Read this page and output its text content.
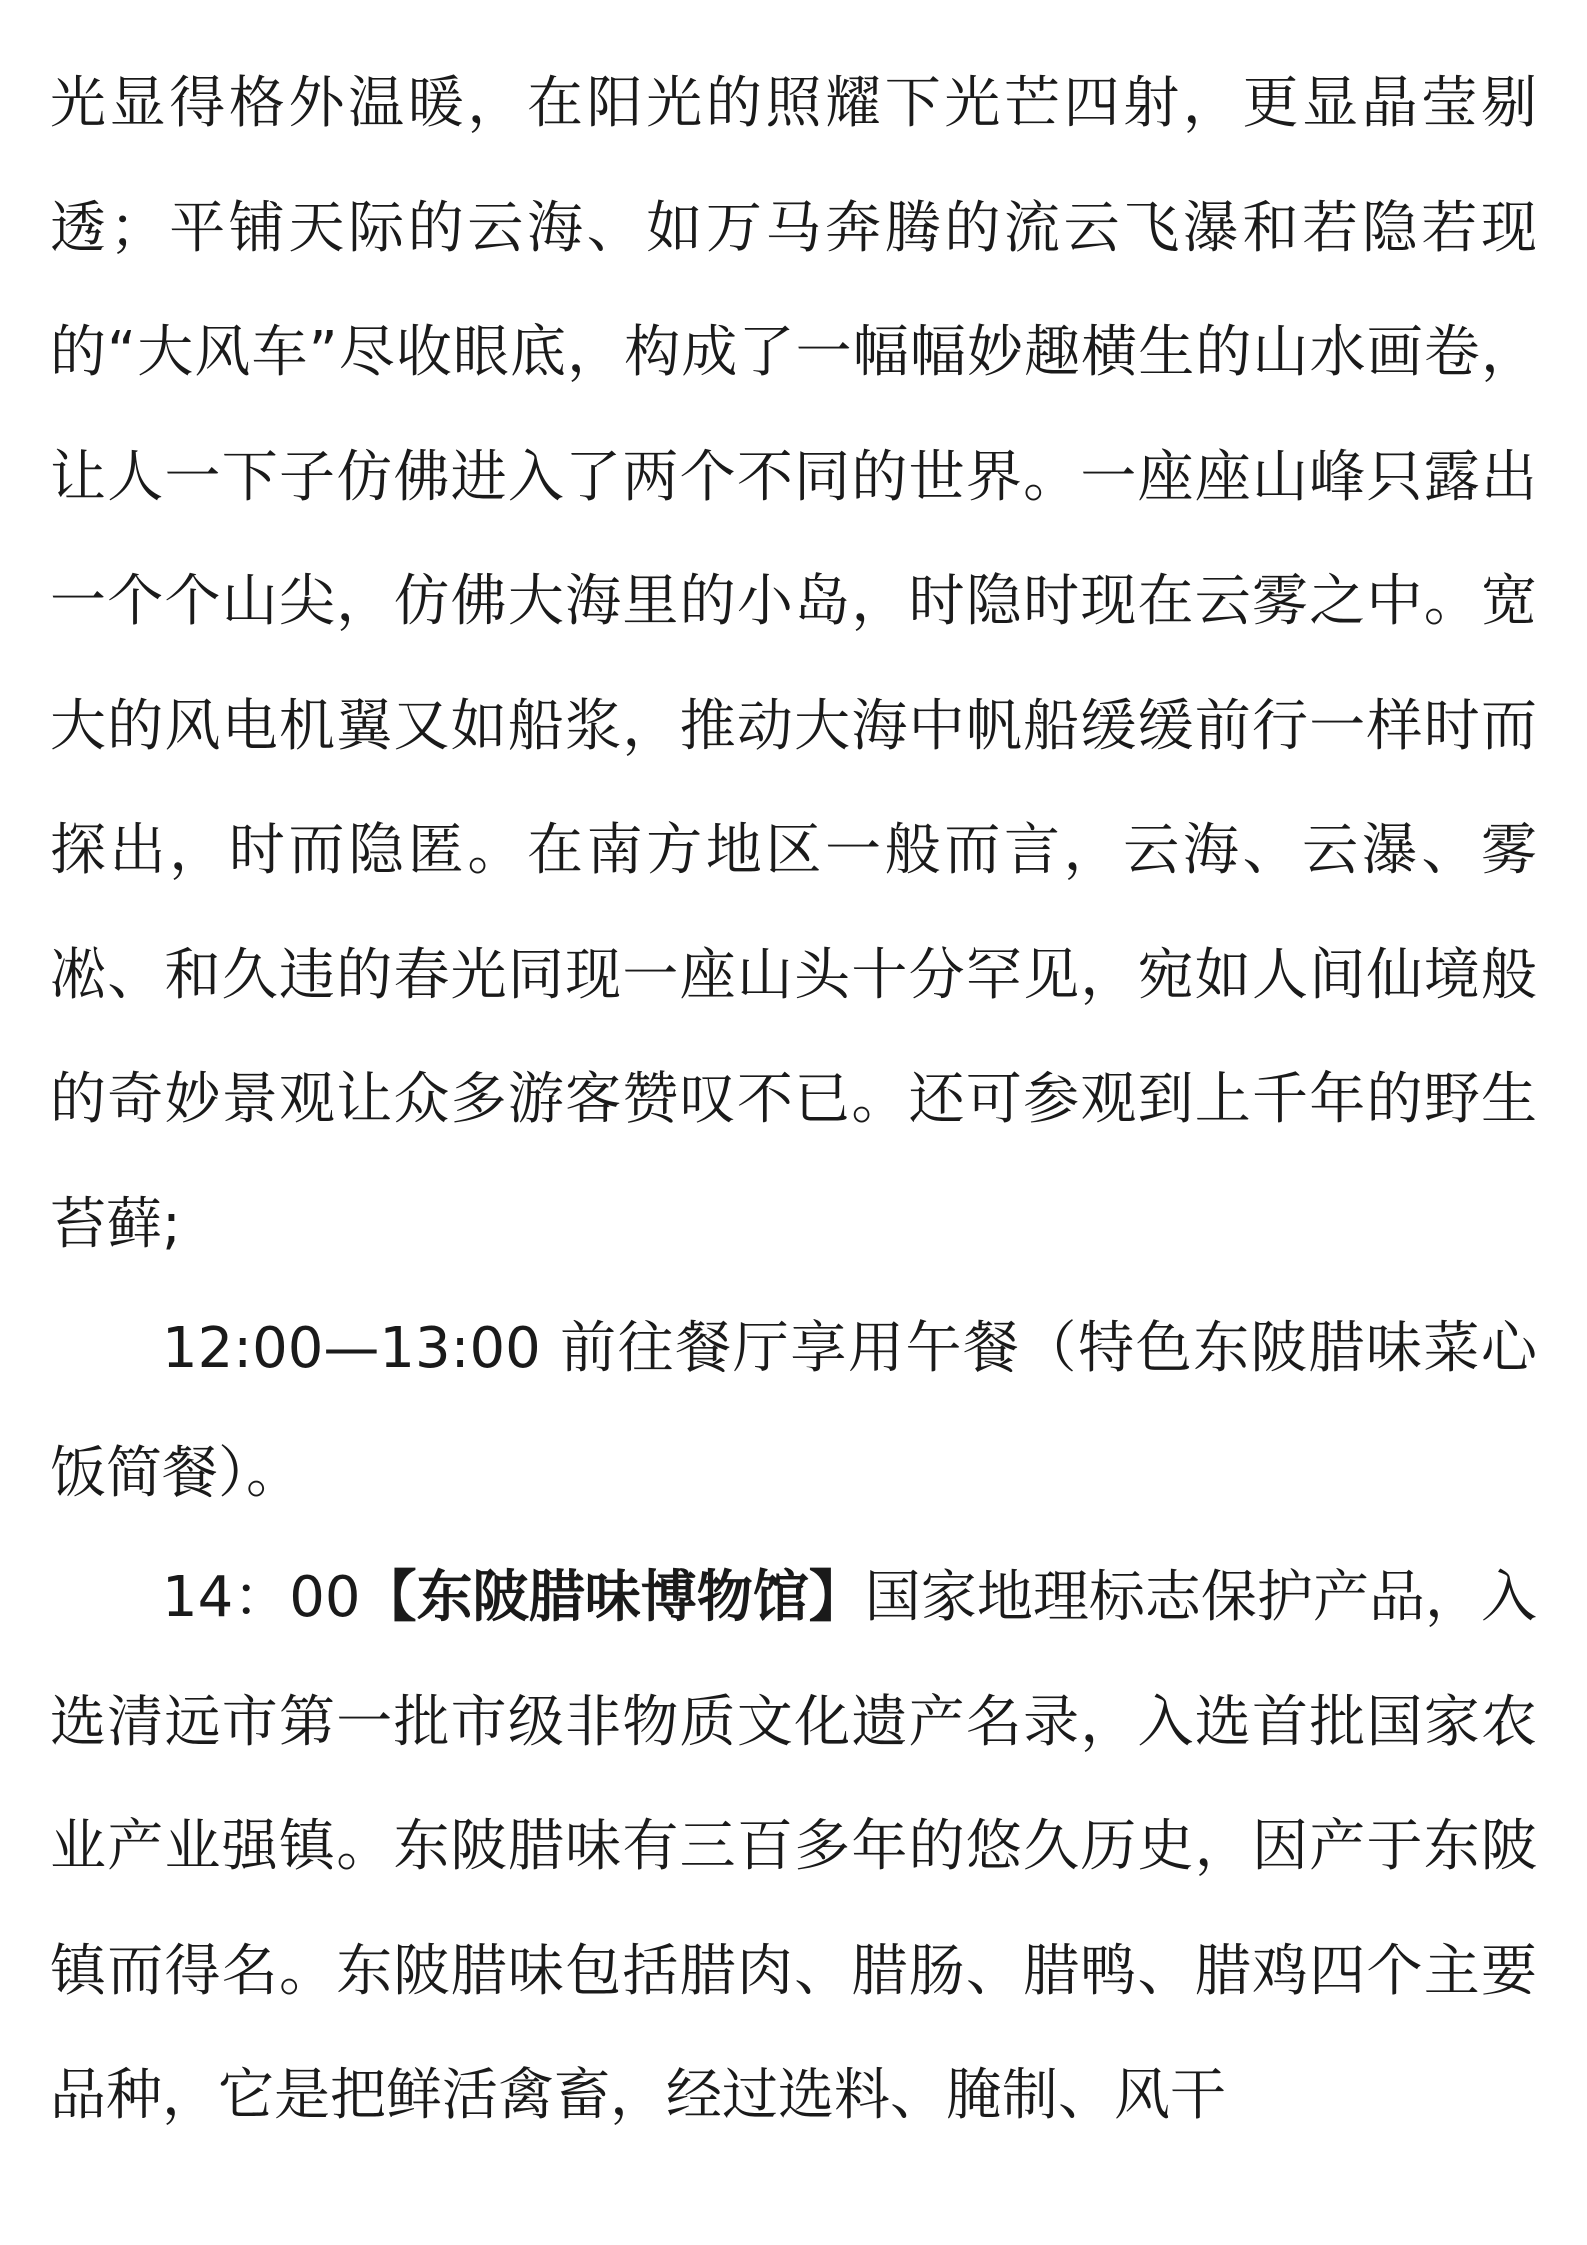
光显得格外温暖，在阳光的照耀下光芒四射，更显晶莹剔透；平铺天际的云海、如万马奔腾的流云飞瀑和若隐若现的“大风车”尽收眼底，构成了一幅幅妙趣横生的山水画卷，让人一下子仿佛进入了两个不同的世界。一座座山峰只露出一个个山尖，仿佛大海里的小岛，时隐时现在云雾之中。宽大的风电机翼又如船浆，推动大海中帆船缓缓前行一样时而探出，时而隐匿。在南方地区一般而言，云海、云瀑、雾凇、和久违的春光同现一座山头十分罕见，宛如人间仙境般的奇妙景观让众多游客赞叹不已。还可参观到上千年的野生苔藓;

12:00—13:00 前往餐厅享用午餐（特色东陂腊味菜心饭简餐）。

14：00【东陂腊味博物馆】国家地理标志保护产品，入选清远市第一批市级非物质文化遗产名录，入选首批国家农业产业强镇。东陂腊味有三百多年的悠久历史，因产于东陂镇而得名。东陂腊味包括腊肉、腊肠、腊鸭、腊鸡四个主要品种，它是把鲜活禽畜，经过选料、腌制、风干
